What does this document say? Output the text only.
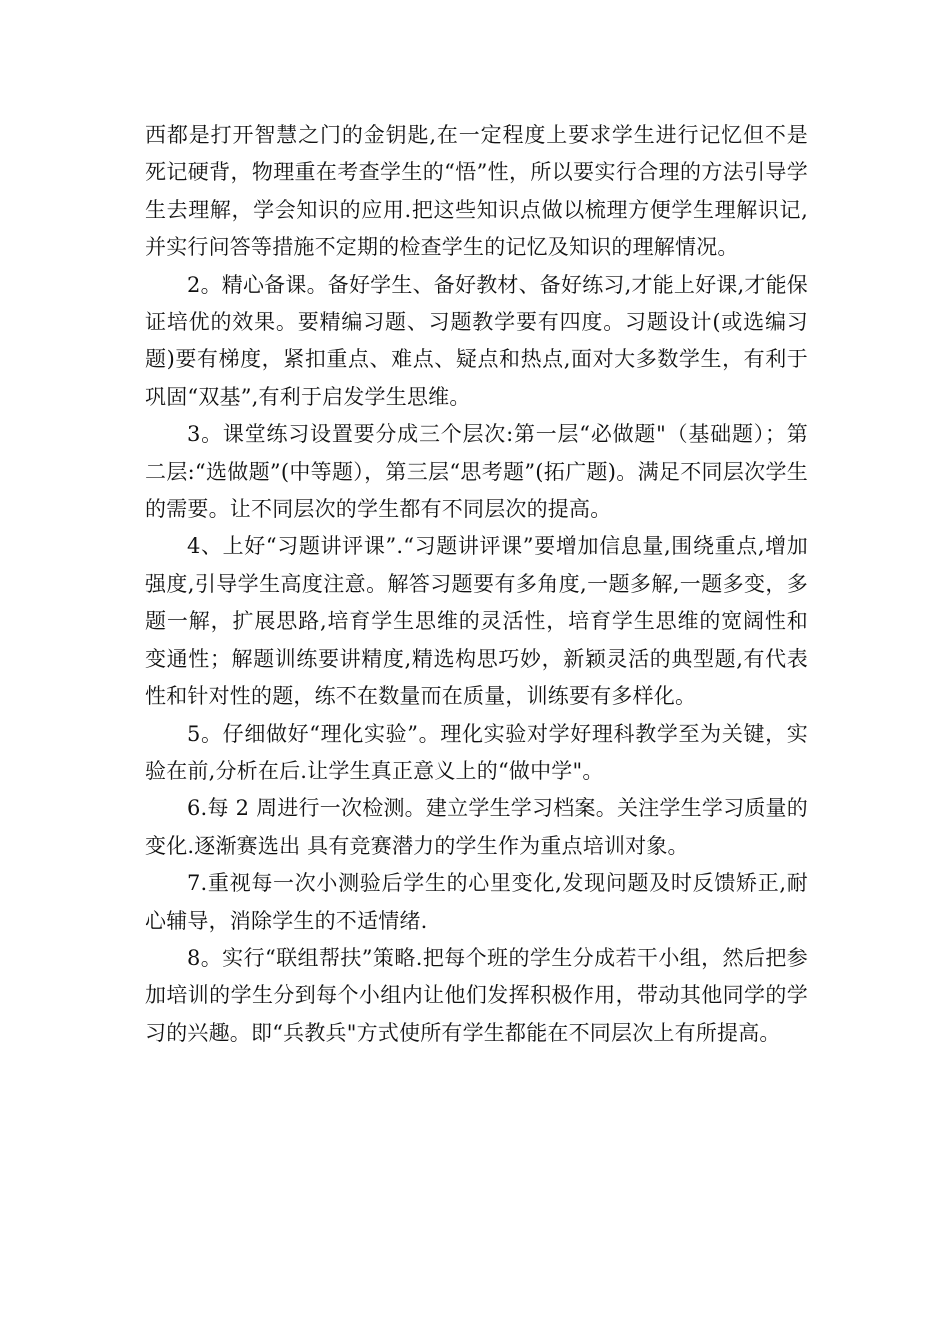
西都是打开智慧之门的金钥匙,在一定程度上要求学生进行记忆但不是死记硬背，物理重在考查学生的“悟”性，所以要实行合理的方法引导学生去理解，学会知识的应用.把这些知识点做以梳理方便学生理解识记,并实行问答等措施不定期的检查学生的记忆及知识的理解情况。

2。精心备课。备好学生、备好教材、备好练习,才能上好课,才能保证培优的效果。要精编习题、习题教学要有四度。习题设计(或选编习题)要有梯度，紧扣重点、难点、疑点和热点,面对大多数学生，有利于巩固“双基”,有利于启发学生思维。

3。课堂练习设置要分成三个层次:第一层“必做题"（基础题）；第二层:“选做题”(中等题），第三层“思考题”(拓广题)。满足不同层次学生的需要。让不同层次的学生都有不同层次的提高。

4、上好“习题讲评课”.“习题讲评课”要增加信息量,围绕重点,增加强度,引导学生高度注意。解答习题要有多角度,一题多解,一题多变，多题一解，扩展思路,培育学生思维的灵活性，培育学生思维的宽阔性和变通性；解题训练要讲精度,精选构思巧妙，新颖灵活的典型题,有代表性和针对性的题，练不在数量而在质量，训练要有多样化。

5。仔细做好“理化实验”。理化实验对学好理科教学至为关键，实验在前,分析在后.让学生真正意义上的“做中学"。

6.每 2 周进行一次检测。建立学生学习档案。关注学生学习质量的变化.逐渐赛选出 具有竞赛潜力的学生作为重点培训对象。

7.重视每一次小测验后学生的心里变化,发现问题及时反馈矫正,耐心辅导，消除学生的不适情绪.

8。实行“联组帮扶”策略.把每个班的学生分成若干小组，然后把参加培训的学生分到每个小组内让他们发挥积极作用，带动其他同学的学习的兴趣。即“兵教兵"方式使所有学生都能在不同层次上有所提高。
